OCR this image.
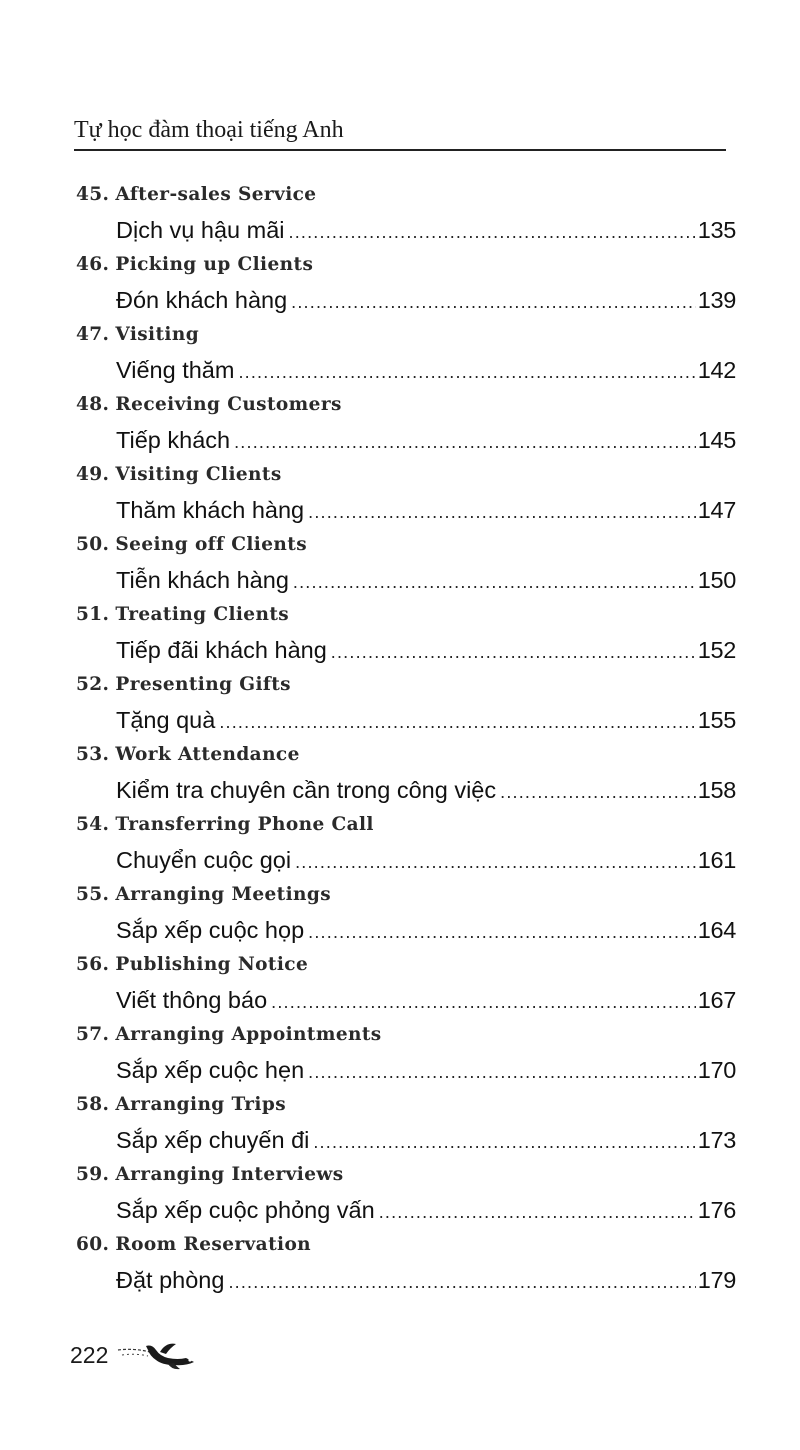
Tự học đàm thoại tiếng Anh
45. After-sales Service
Dịch vụ hậu mãi .....	135
46. Picking up Clients
Đón khách hàng .....	139
47. Visiting
Viếng thăm .....	142
48. Receiving Customers
Tiếp khách .....	145
49. Visiting Clients
Thăm khách hàng .....	147
50. Seeing off Clients
Tiễn khách hàng .....	150
51. Treating Clients
Tiếp đãi khách hàng .....	152
52. Presenting Gifts
Tặng quà .....	155
53. Work Attendance
Kiểm tra chuyên cần trong công việc .....	158
54. Transferring Phone Call
Chuyển cuộc gọi .....	161
55. Arranging Meetings
Sắp xếp cuộc họp .....	164
56. Publishing Notice
Viết thông báo .....	167
57. Arranging Appointments
Sắp xếp cuộc hẹn .....	170
58. Arranging Trips
Sắp xếp chuyến đi .....	173
59. Arranging Interviews
Sắp xếp cuộc phỏng vấn .....	176
60. Room Reservation
Đặt phòng .....	179
222
